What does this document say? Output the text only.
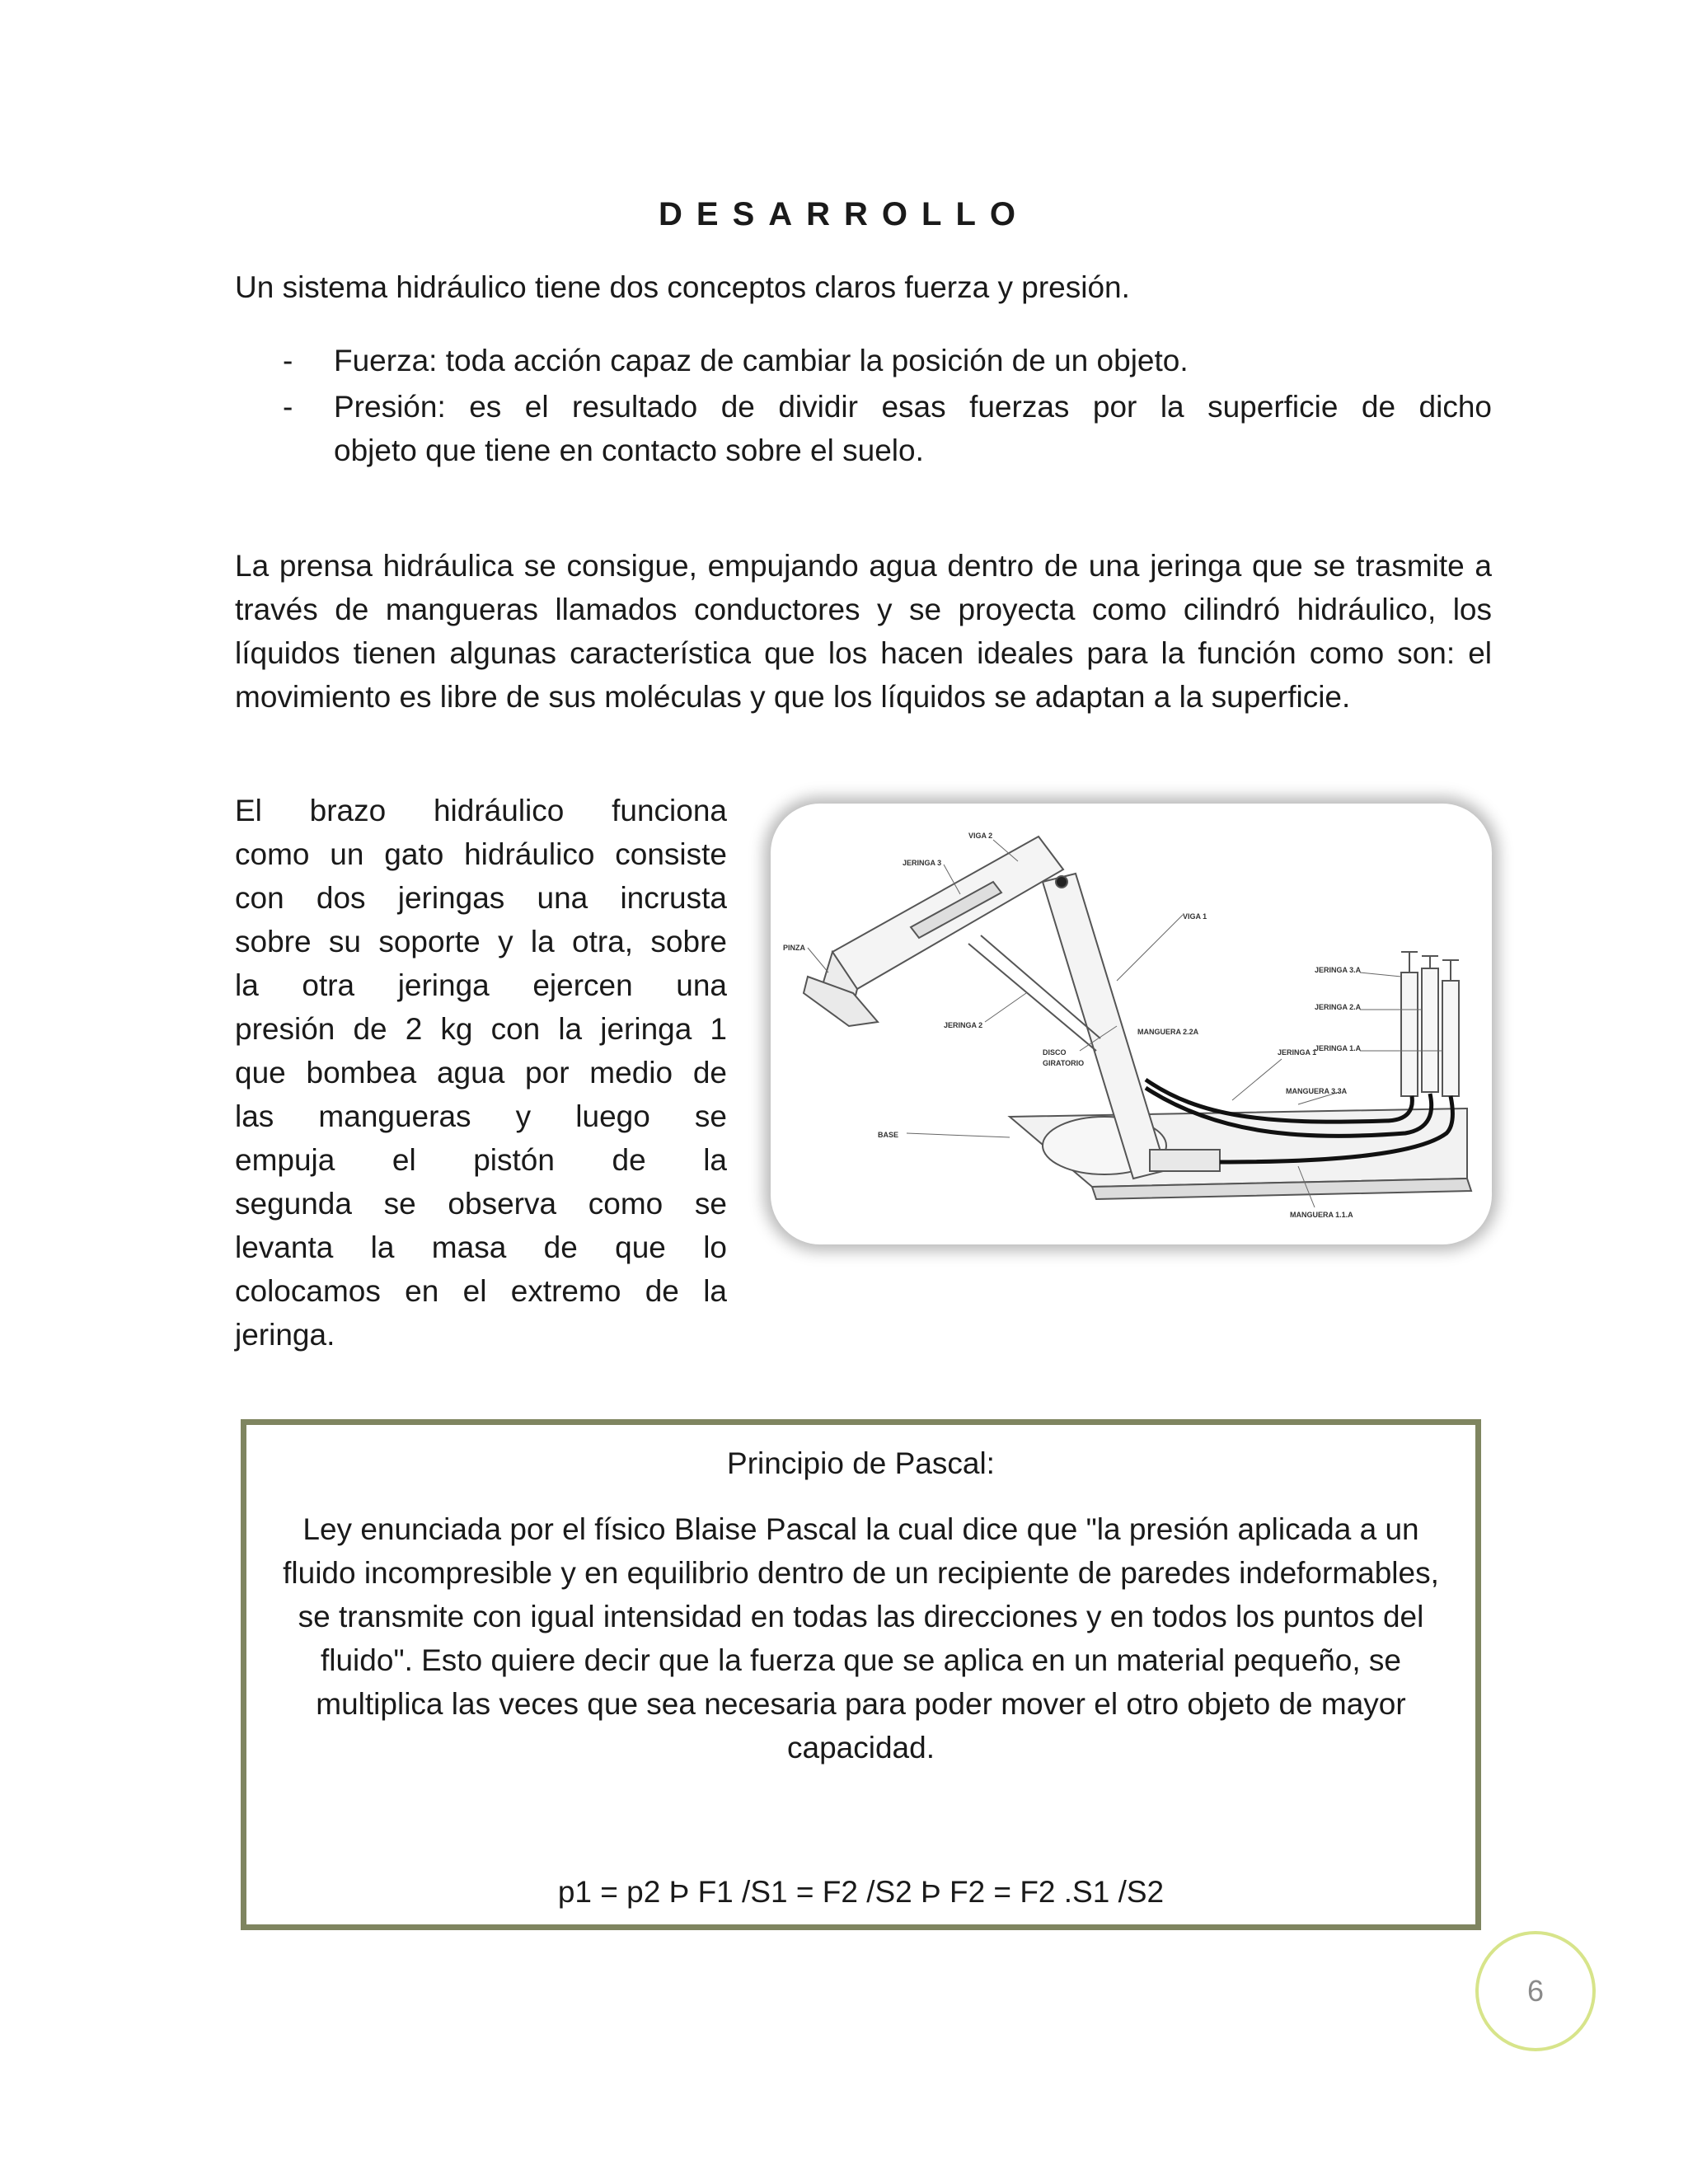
DESARROLLO

Un sistema hidráulico tiene dos conceptos claros fuerza y presión.

- Fuerza: toda acción capaz de cambiar la posición de un objeto.

- Presión: es el resultado de dividir esas fuerzas por la superficie de dicho

objeto que tiene en contacto sobre el suelo.

La prensa hidráulica se consigue, empujando agua dentro de una jeringa que se trasmite a través de mangueras llamados conductores y se proyecta como cilindró hidráulico, los líquidos tienen algunas característica que los hacen ideales para la función como son: el movimiento es libre de sus moléculas y que los líquidos se adaptan a la superficie.

El brazo hidráulico funciona

como un gato hidráulico consiste

con dos jeringas una incrusta

sobre su soporte y la otra, sobre

la otra jeringa ejercen una

presión de 2 kg con la jeringa 1

que bombea agua por medio de

las mangueras y luego se

empuja el pistón de la

segunda se observa como se

levanta la masa de que lo

colocamos en el extremo de la

jeringa.

VIGA 2
JERINGA 3
PINZA
VIGA 1
JERINGA 2
MANGUERA 2.2A
DISCO
GIRATORIO
JERINGA 1
JERINGA 3.A
JERINGA 2.A
JERINGA 1.A
MANGUERA 3.3A
BASE
MANGUERA 1.1.A
Principio de Pascal:
Ley enunciada por el físico Blaise Pascal la cual dice que "la presión aplicada a un fluido incompresible y en equilibrio dentro de un recipiente de paredes indeformables, se transmite con igual intensidad en todas las direcciones y en todos los puntos del fluido". Esto quiere decir que la fuerza que se aplica en un material pequeño, se multiplica las veces que sea necesaria para poder mover el otro objeto de mayor capacidad.
p1 = p2 Þ F1 /S1 = F2 /S2 Þ F2 = F2 .S1 /S2
6
